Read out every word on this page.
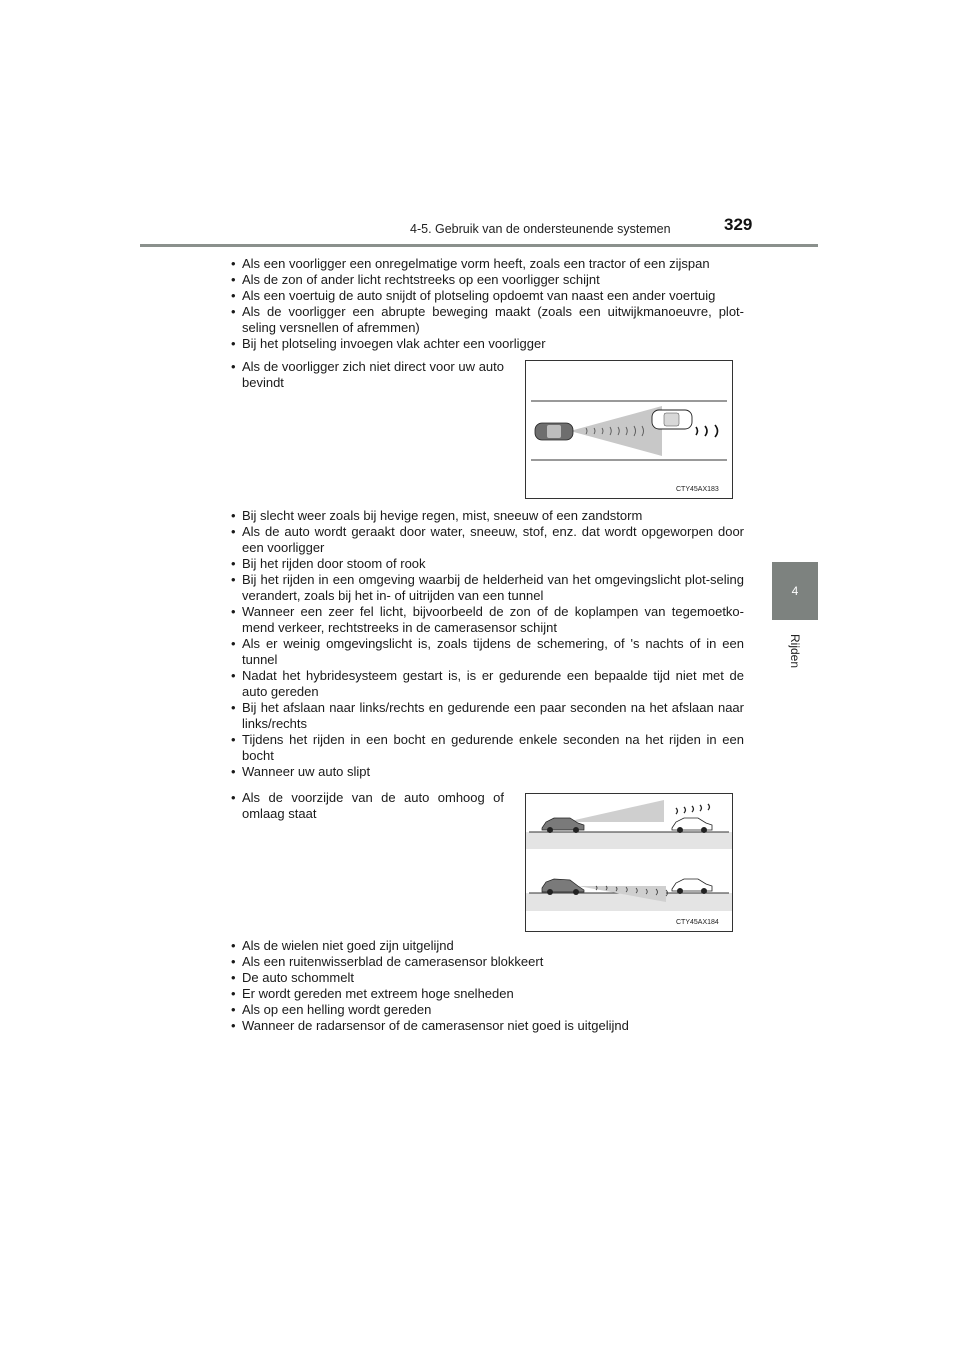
4-5. Gebruik van de ondersteunende systemen	329
4
Rijden
• Als een voorligger een onregelmatige vorm heeft, zoals een tractor of een zijspan
• Als de zon of ander licht rechtstreeks op een voorligger schijnt
• Als een voertuig de auto snijdt of plotseling opdoemt van naast een ander voertuig
• Als de voorligger een abrupte beweging maakt (zoals een uitwijkmanoeuvre, plot-seling versnellen of afremmen)
• Bij het plotseling invoegen vlak achter een voorligger
• Als de voorligger zich niet direct voor uw auto bevindt
CTY45AX183
• Bij slecht weer zoals bij hevige regen, mist, sneeuw of een zandstorm
• Als de auto wordt geraakt door water, sneeuw, stof, enz. dat wordt opgeworpen door een voorligger
• Bij het rijden door stoom of rook
• Bij het rijden in een omgeving waarbij de helderheid van het omgevingslicht plot-seling verandert, zoals bij het in- of uitrijden van een tunnel
• Wanneer een zeer fel licht, bijvoorbeeld de zon of de koplampen van tegemoetko-mend verkeer, rechtstreeks in de camerasensor schijnt
• Als er weinig omgevingslicht is, zoals tijdens de schemering, of 's nachts of in een tunnel
• Nadat het hybridesysteem gestart is, is er gedurende een bepaalde tijd niet met de auto gereden
• Bij het afslaan naar links/rechts en gedurende een paar seconden na het afslaan naar links/rechts
• Tijdens het rijden in een bocht en gedurende enkele seconden na het rijden in een bocht
• Wanneer uw auto slipt
• Als de voorzijde van de auto omhoog of omlaag staat
CTY45AX184
• Als de wielen niet goed zijn uitgelijnd
• Als een ruitenwisserblad de camerasensor blokkeert
• De auto schommelt
• Er wordt gereden met extreem hoge snelheden
• Als op een helling wordt gereden
• Wanneer de radarsensor of de camerasensor niet goed is uitgelijnd
